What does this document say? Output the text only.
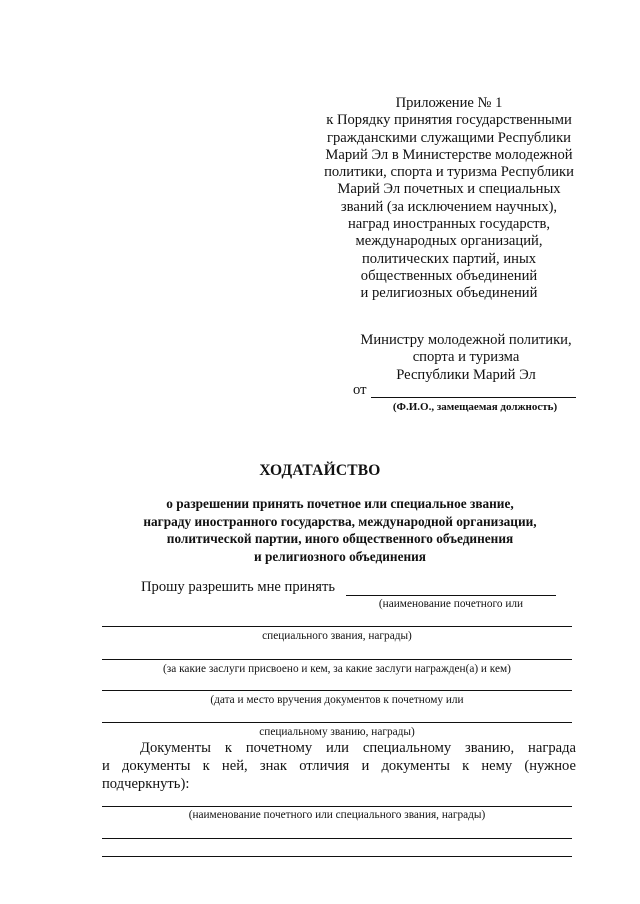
Приложение № 1
к Порядку принятия государственными
гражданскими служащими Республики
Марий Эл в Министерстве молодежной
политики, спорта и туризма Республики
Марий Эл почетных и специальных
званий (за исключением научных),
наград иностранных государств,
международных организаций,
политических партий, иных
общественных объединений
и религиозных объединений
Министру молодежной политики,
спорта и туризма
Республики Марий Эл
от
(Ф.И.О., замещаемая должность)
ХОДАТАЙСТВО
о разрешении принять почетное или специальное звание,
награду иностранного государства, международной организации,
политической партии, иного общественного объединения
и религиозного объединения
Прошу разрешить мне принять
(наименование почетного или
специального звания, награды)
(за какие заслуги присвоено и кем, за какие заслуги награжден(а) и кем)
(дата и место вручения документов к почетному или
специальному званию, награды)
Документы к почетному или специальному званию, награда
и документы к ней, знак отличия и документы к нему (нужное
подчеркнуть):
(наименование почетного или специального звания, награды)
